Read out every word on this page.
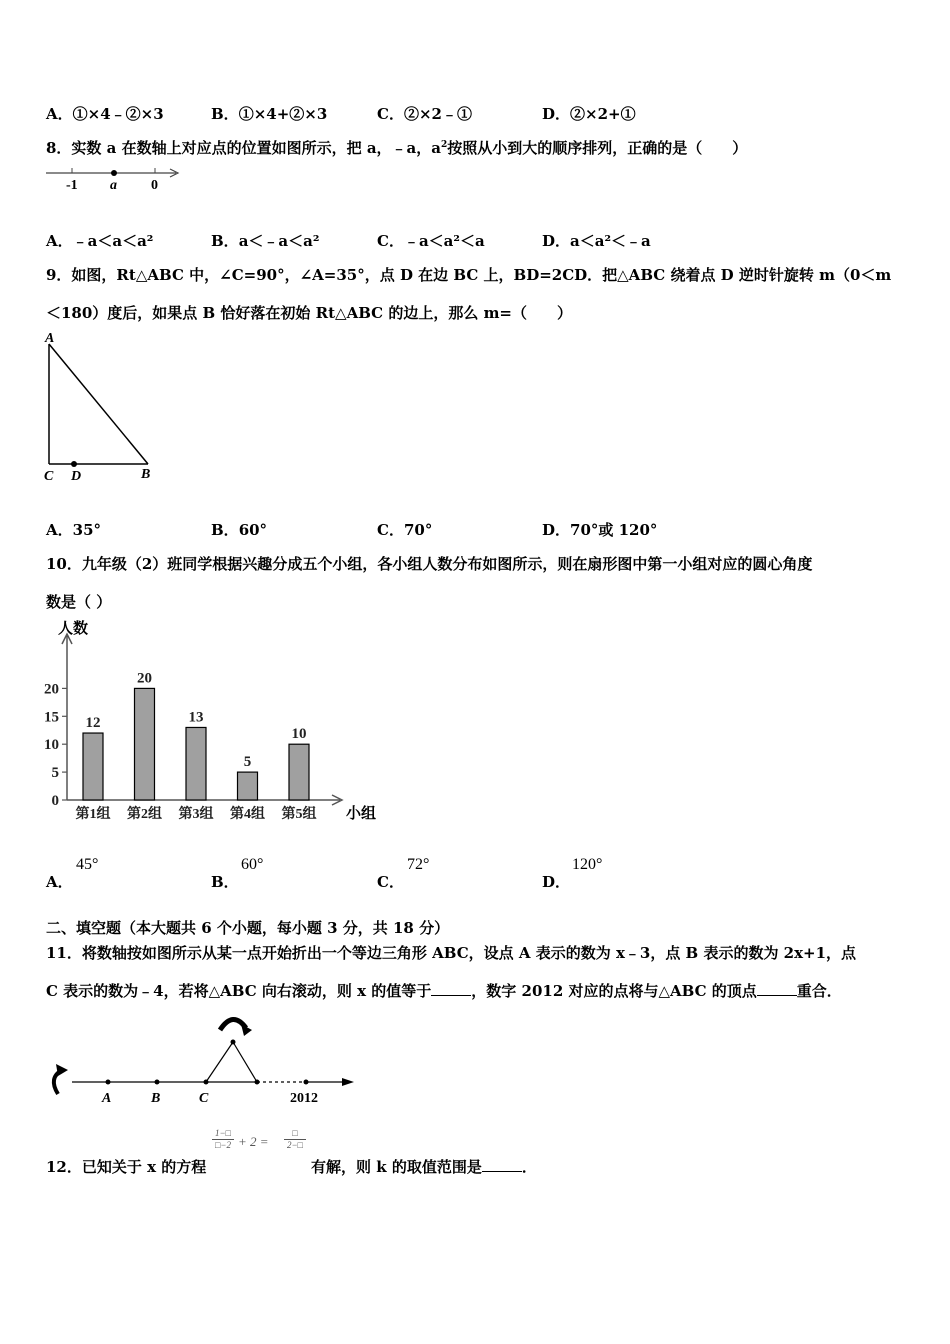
A．①×4﹣②×3	B．①×4+②×3	C．②×2﹣①	D．②×2+①
8．实数 a 在数轴上对应点的位置如图所示，把 a，﹣a，$a^2$按照从小到大的顺序排列，正确的是（　　）
-1 a 0
A．﹣a＜a＜a²	B．a＜﹣a＜a²	C．﹣a＜a²＜a	D．a＜a²＜﹣a
9．如图，Rt△ABC 中，∠C=90°，∠A=35°，点 D 在边 BC 上，BD=2CD．把△ABC 绕着点 D 逆时针旋转 m（0＜m
＜180）度后，如果点 B 恰好落在初始 Rt△ABC 的边上，那么 m=（　　）
A
C D	B
A．35°	B．60°	C．70°	D．70°或 120°
10．九年级（2）班同学根据兴趣分成五个小组，各小组人数分布如图所示，则在扇形图中第一小组对应的圆心角度
数是（ ）
人数
小组
0
5
10
15
20
12
第1组
20
第2组
13
第3组
5
第4组
10
第5组
A．
45°
B．
60°
C．
72°
D．
120°
二、填空题（本大题共 6 个小题，每小题 3 分，共 18 分）
11．将数轴按如图所示从某一点开始折出一个等边三角形 ABC，设点 A 表示的数为 x﹣3，点 B 表示的数为 2x+1，点
C 表示的数为﹣4，若将△ABC 向右滚动，则 x 的值等于	，数字 2012 对应的点将与△ABC 的顶点	重合．
A	B	C	2012
12．已知关于 x 的方程
$\frac{1-□}{□-2} + 2$ =
□
2−□
有解，则 k 的取值范围是	．
